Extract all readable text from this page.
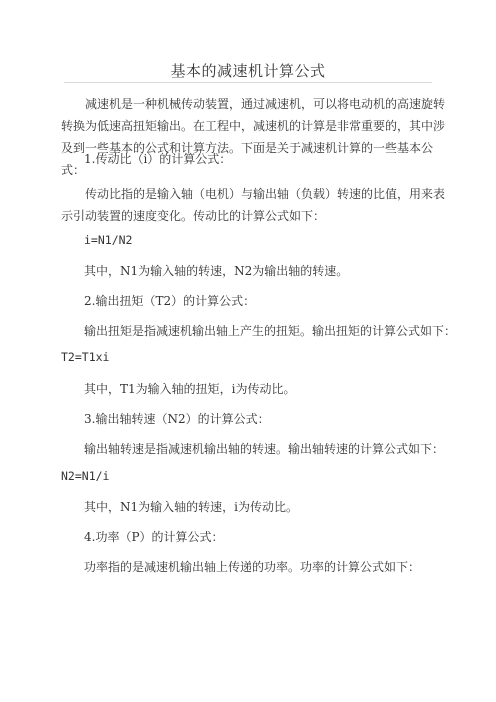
基本的减速机计算公式
减速机是一种机械传动装置，通过减速机，可以将电动机的高速旋转转换为低速高扭矩输出。在工程中，减速机的计算是非常重要的，其中涉及到一些基本的公式和计算方法。下面是关于减速机计算的一些基本公式：
1.传动比（i）的计算公式：
传动比指的是输入轴（电机）与输出轴（负载）转速的比值，用来表示引动装置的速度变化。传动比的计算公式如下：
i=N1/N2
其中，N1为输入轴的转速，N2为输出轴的转速。
2.输出扭矩（T2）的计算公式：
输出扭矩是指减速机输出轴上产生的扭矩。输出扭矩的计算公式如下：
T2=T1xi
其中，T1为输入轴的扭矩，i为传动比。
3.输出轴转速（N2）的计算公式：
输出轴转速是指减速机输出轴的转速。输出轴转速的计算公式如下：
N2=N1/i
其中，N1为输入轴的转速，i为传动比。
4.功率（P）的计算公式：
功率指的是减速机输出轴上传递的功率。功率的计算公式如下：
